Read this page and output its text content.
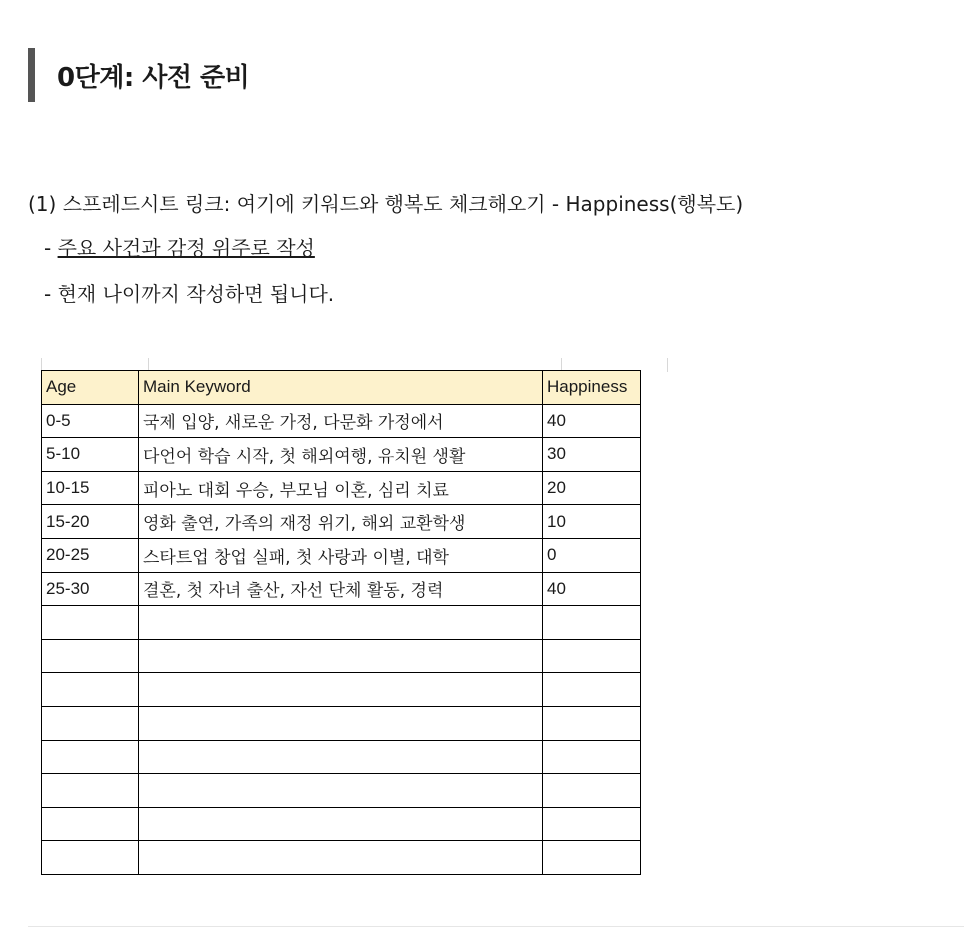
0단계: 사전 준비
(1) 스프레드시트 링크: 여기에 키워드와 행복도 체크해오기 - Happiness(행복도)
- 주요 사건과 감정 위주로 작성
- 현재 나이까지 작성하면 됩니다.
Age	Main Keyword	Happiness
0-5	국제 입양, 새로운 가정, 다문화 가정에서	40
5-10	다언어 학습 시작, 첫 해외여행, 유치원 생활	30
10-15	피아노 대회 우승, 부모님 이혼, 심리 치료	20
15-20	영화 출연, 가족의 재정 위기, 해외 교환학생	10
20-25	스타트업 창업 실패, 첫 사랑과 이별, 대학	0
25-30	결혼, 첫 자녀 출산, 자선 단체 활동, 경력	40
